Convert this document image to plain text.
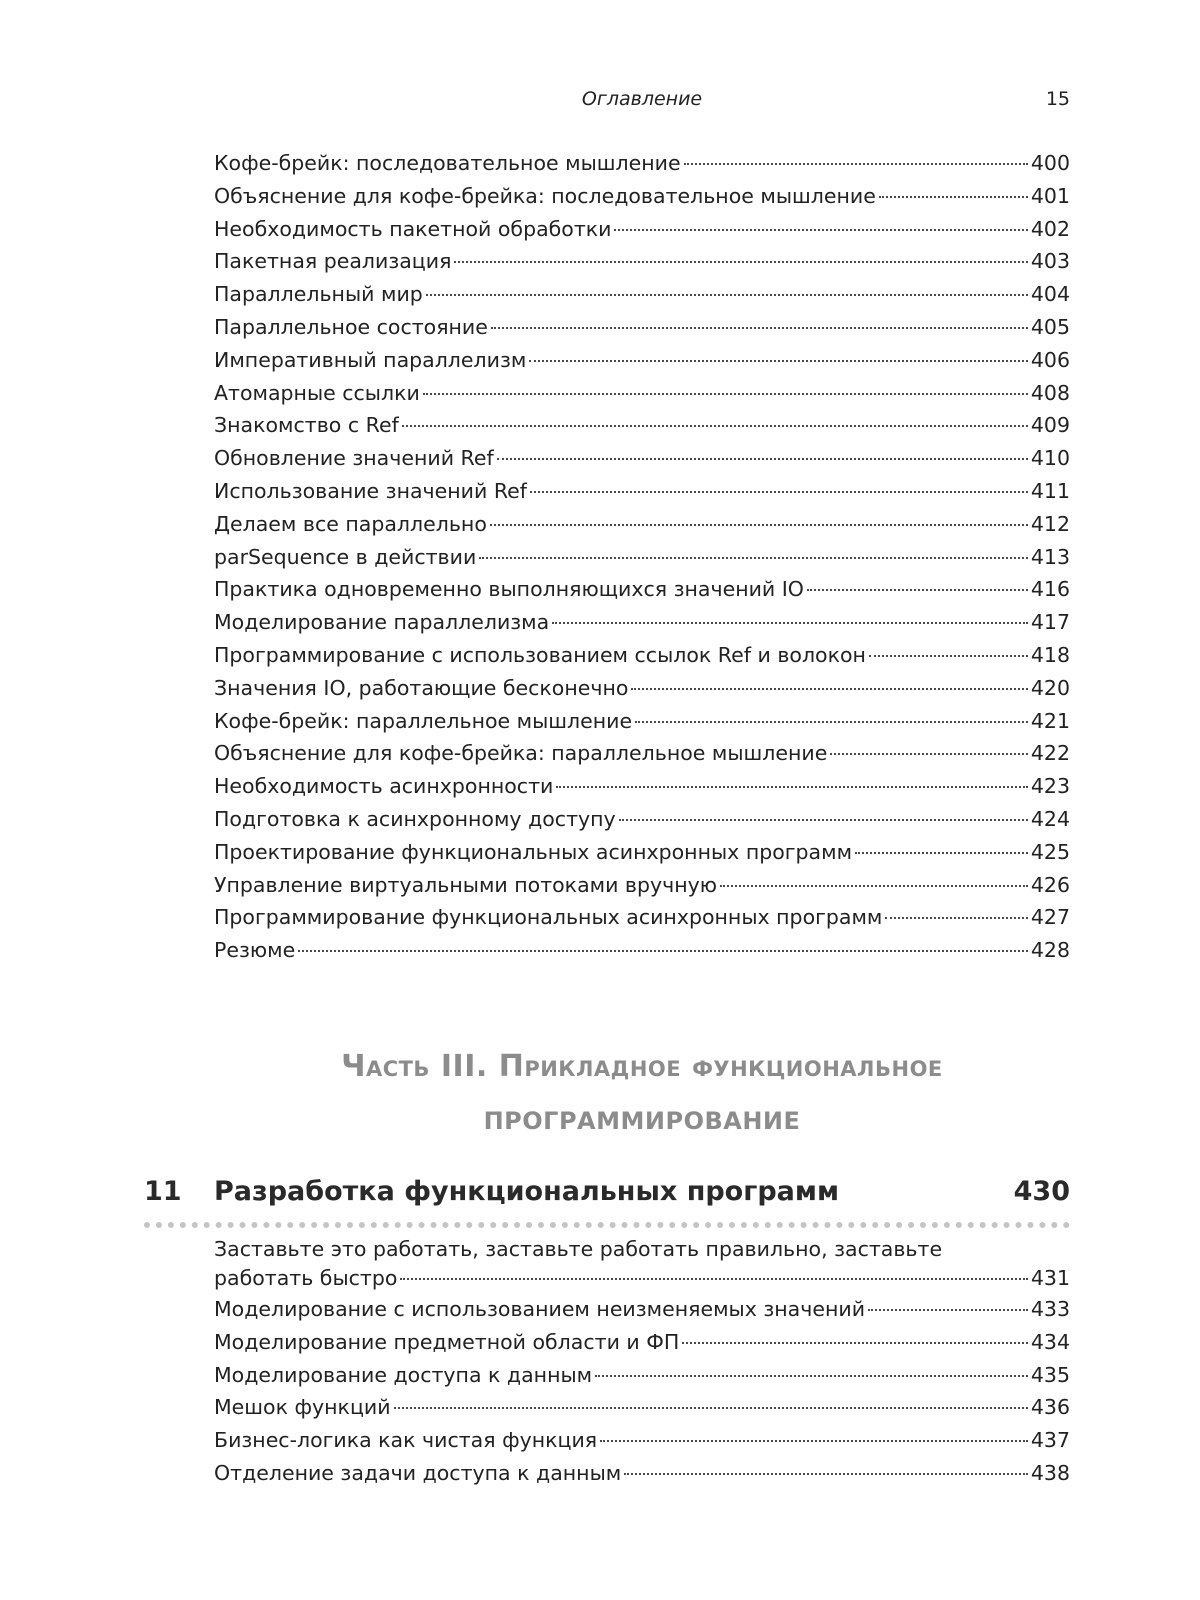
Оглавление	15
Кофе-брейк: последовательное мышление	400
Объяснение для кофе-брейка: последовательное мышление	401
Необходимость пакетной обработки	402
Пакетная реализация	403
Параллельный мир	404
Параллельное состояние	405
Императивный параллелизм	406
Атомарные ссылки	408
Знакомство с Ref	409
Обновление значений Ref	410
Использование значений Ref	411
Делаем все параллельно	412
parSequence в действии	413
Практика одновременно выполняющихся значений IO	416
Моделирование параллелизма	417
Программирование с использованием ссылок Ref и волокон	418
Значения IO, работающие бесконечно	420
Кофе-брейк: параллельное мышление	421
Объяснение для кофе-брейка: параллельное мышление	422
Необходимость асинхронности	423
Подготовка к асинхронному доступу	424
Проектирование функциональных асинхронных программ	425
Управление виртуальными потоками вручную	426
Программирование функциональных асинхронных программ	427
Резюме	428
Часть III. Прикладное функциональное
ПРОГРАММИРОВАНИЕ
11 Разработка функциональных программ	430
Заставьте это работать, заставьте работать правильно, заставьте
работать быстро	431
Моделирование с использованием неизменяемых значений	433
Моделирование предметной области и ФП	434
Моделирование доступа к данным	435
Мешок функций	436
Бизнес-логика как чистая функция	437
Отделение задачи доступа к данным	438
